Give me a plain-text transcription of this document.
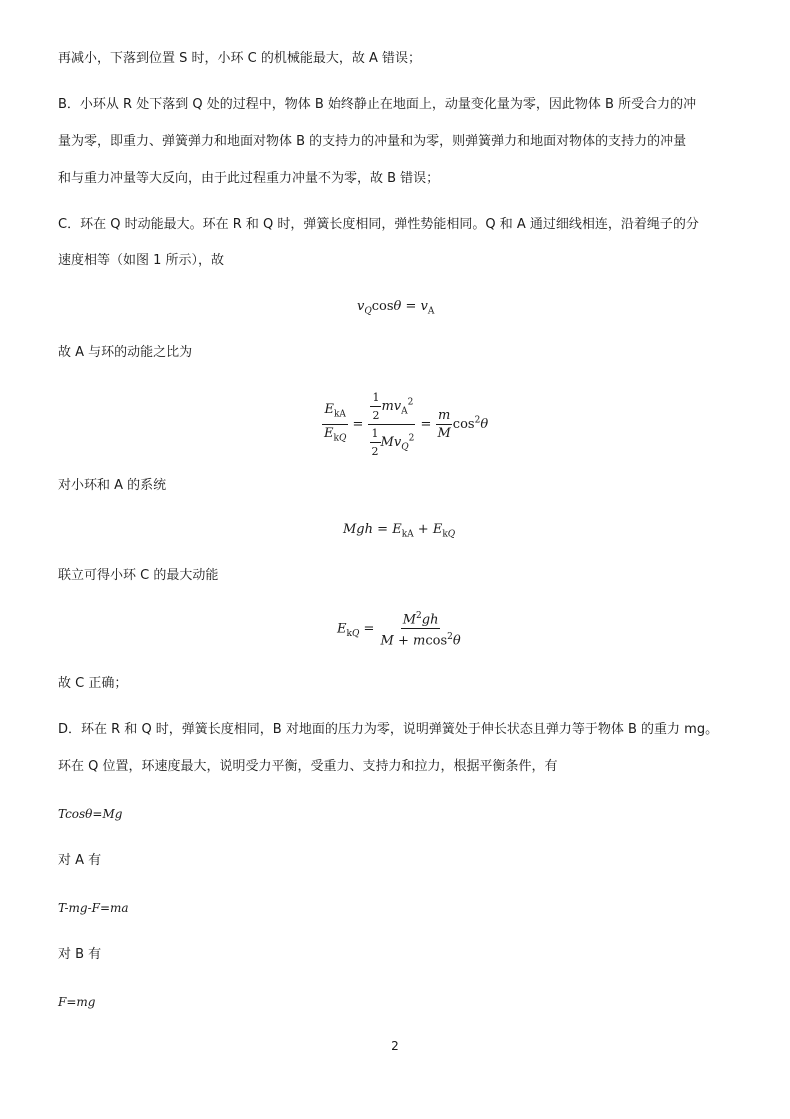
再减小，下落到位置 S 时，小环 C 的机械能最大，故 A 错误；
B．小环从 R 处下落到 Q 处的过程中，物体 B 始终静止在地面上，动量变化量为零，因此物体 B 所受合力的冲
量为零，即重力、弹簧弹力和地面对物体 B 的支持力的冲量和为零，则弹簧弹力和地面对物体的支持力的冲量
和与重力冲量等大反向，由于此过程重力冲量不为零，故 B 错误；
C．环在 Q 时动能最大。环在 R 和 Q 时，弹簧长度相同，弹性势能相同。Q 和 A 通过细线相连，沿着绳子的分
速度相等（如图 1 所示），故
$v_Q\cos\theta = v_A$
故 A 与环的动能之比为
$\frac{E_{kA}}{E_{kQ}} = \frac{\frac{1}{2} mv_A^2}{\frac{1}{2} Mv_Q^2} = \frac{m}{M} \cos^2\theta$
对小环和 A 的系统
Mgh = $E_{kA} + E_{kQ}$
联立可得小环 C 的最大动能
$E_{kQ} = \frac{M^2gh}{M + mcos^2\theta}$
故 C 正确；
D．环在 R 和 Q 时，弹簧长度相同，B 对地面的压力为零，说明弹簧处于伸长状态且弹力等于物体 B 的重力 mg。
环在 Q 位置，环速度最大，说明受力平衡，受重力、支持力和拉力，根据平衡条件，有
Tcosθ=Mg
对 A 有
T-mg-F=ma
对 B 有
F=mg
2
